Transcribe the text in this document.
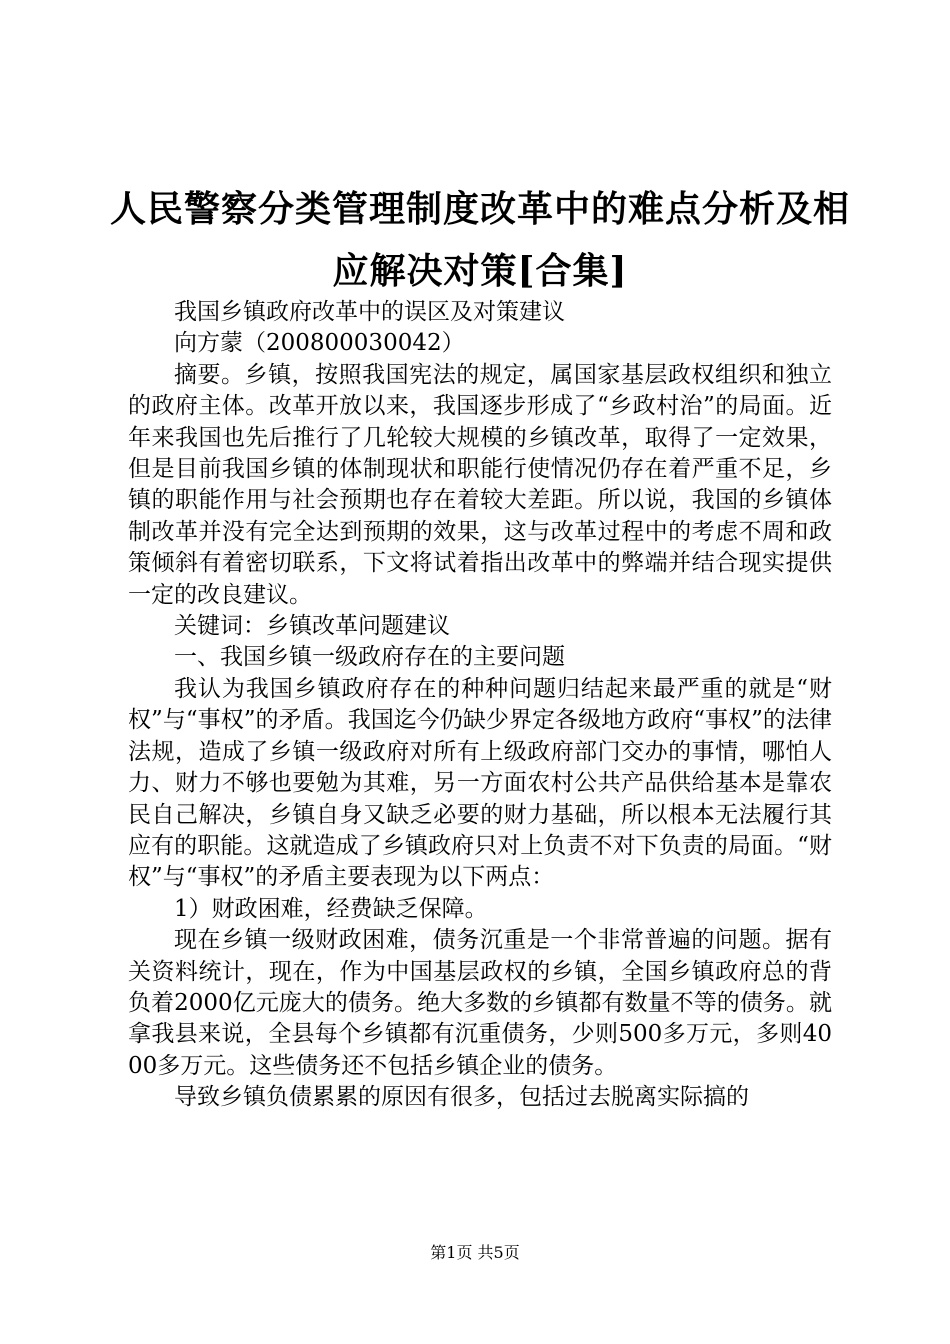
人民警察分类管理制度改革中的难点分析及相应解决对策[合集]

我国乡镇政府改革中的误区及对策建议

向方蒙（200800030042）

摘要。乡镇，按照我国宪法的规定，属国家基层政权组织和独立的政府主体。改革开放以来，我国逐步形成了“乡政村治”的局面。近年来我国也先后推行了几轮较大规模的乡镇改革，取得了一定效果，但是目前我国乡镇的体制现状和职能行使情况仍存在着严重不足，乡镇的职能作用与社会预期也存在着较大差距。所以说，我国的乡镇体制改革并没有完全达到预期的效果，这与改革过程中的考虑不周和政策倾斜有着密切联系，下文将试着指出改革中的弊端并结合现实提供一定的改良建议。

关键词：乡镇改革问题建议

一、我国乡镇一级政府存在的主要问题

我认为我国乡镇政府存在的种种问题归结起来最严重的就是“财权”与“事权”的矛盾。我国迄今仍缺少界定各级地方政府“事权”的法律法规，造成了乡镇一级政府对所有上级政府部门交办的事情，哪怕人力、财力不够也要勉为其难，另一方面农村公共产品供给基本是靠农民自己解决，乡镇自身又缺乏必要的财力基础，所以根本无法履行其应有的职能。这就造成了乡镇政府只对上负责不对下负责的局面。“财权”与“事权”的矛盾主要表现为以下两点：

1）财政困难，经费缺乏保障。

现在乡镇一级财政困难，债务沉重是一个非常普遍的问题。据有关资料统计，现在，作为中国基层政权的乡镇，全国乡镇政府总的背负着2000亿元庞大的债务。绝大多数的乡镇都有数量不等的债务。就拿我县来说，全县每个乡镇都有沉重债务，少则500多万元，多则4000多万元。这些债务还不包括乡镇企业的债务。

导致乡镇负债累累的原因有很多，包括过去脱离实际搞的

第1页 共5页
